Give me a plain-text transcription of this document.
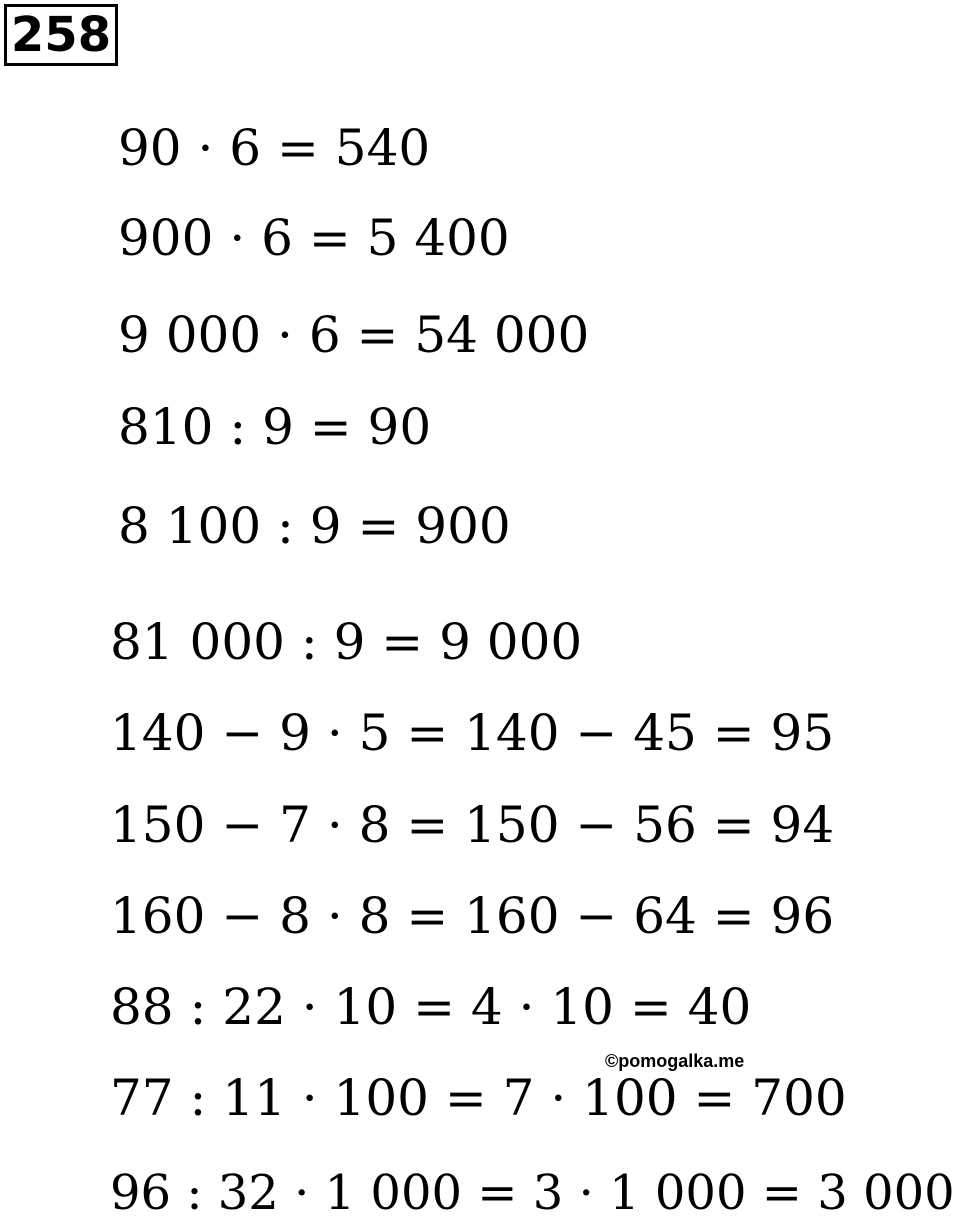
258
90 · 6 = 540
900 · 6 = 5 400
9 000 · 6 = 54 000
810 : 9 = 90
8 100 : 9 = 900
81 000 : 9 = 9 000
140 − 9 · 5 = 140 − 45 = 95
150 − 7 · 8 = 150 − 56 = 94
160 − 8 · 8 = 160 − 64 = 96
88 : 22 · 10 = 4 · 10 = 40
77 : 11 · 100 = 7 · 100 = 700
96 : 32 · 1 000 = 3 · 1 000 = 3 000
©pomogalka.me
